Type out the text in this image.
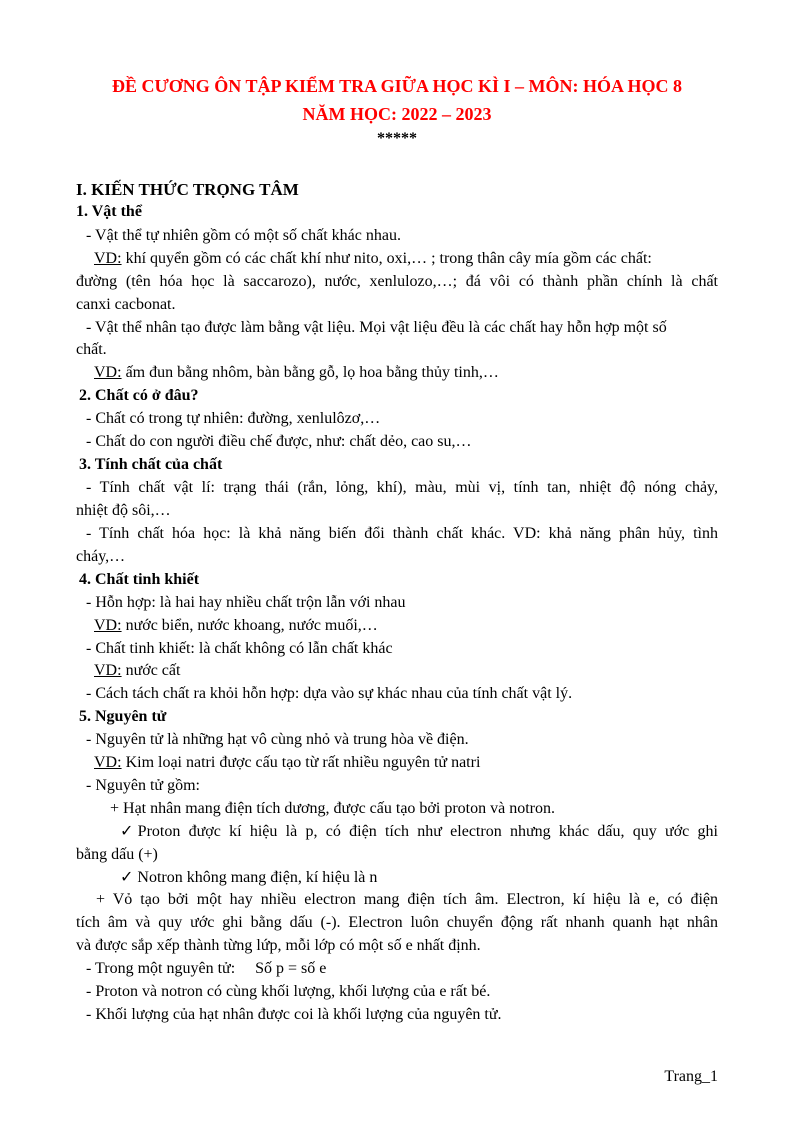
ĐỀ CƯƠNG ÔN TẬP KIỂM TRA GIỮA HỌC KÌ I – MÔN: HÓA HỌC 8
NĂM HỌC: 2022 – 2023
*****
I. KIẾN THỨC TRỌNG TÂM
1. Vật thể
- Vật thể tự nhiên gồm có một số chất khác nhau.
VD: khí quyển gồm có các chất khí như nito, oxi,… ; trong thân cây mía gồm các chất:
đường (tên hóa học là saccarozo), nước, xenlulozo,…; đá vôi có thành phần chính là chất
canxi cacbonat.
- Vật thể nhân tạo được làm bằng vật liệu. Mọi vật liệu đều là các chất hay hỗn hợp một số
chất.
VD: ấm đun bằng nhôm, bàn bằng gỗ, lọ hoa bằng thủy tinh,…
2. Chất có ở đâu?
- Chất có trong tự nhiên: đường, xenlulôzơ,…
- Chất do con người điều chế được, như: chất dẻo, cao su,…
3. Tính chất của chất
- Tính chất vật lí: trạng thái (rắn, lỏng, khí), màu, mùi vị, tính tan, nhiệt độ nóng chảy,
nhiệt độ sôi,…
- Tính chất hóa học: là khả năng biến đổi thành chất khác. VD: khả năng phân hủy, tình
cháy,…
4. Chất tinh khiết
- Hỗn hợp: là hai hay nhiều chất trộn lẫn với nhau
VD: nước biển, nước khoang, nước muối,…
- Chất tinh khiết: là chất không có lẫn chất khác
VD: nước cất
- Cách tách chất ra khỏi hỗn hợp: dựa vào sự khác nhau của tính chất vật lý.
5. Nguyên tử
- Nguyên tử là những hạt vô cùng nhỏ và trung hòa về điện.
VD: Kim loại natri được cấu tạo từ rất nhiều nguyên tử natri
- Nguyên tử gồm:
+ Hạt nhân mang điện tích dương, được cấu tạo bởi proton và notron.
✓Proton được kí hiệu là p, có điện tích như electron nhưng khác dấu, quy ước ghi
bằng dấu (+)
✓ Notron không mang điện, kí hiệu là n
+ Vỏ tạo bởi một hay nhiều electron mang điện tích âm. Electron, kí hiệu là e, có điện
tích âm và quy ước ghi bằng dấu (-). Electron luôn chuyển động rất nhanh quanh hạt nhân
và được sắp xếp thành từng lứp, mỗi lớp có một số e nhất định.
- Trong một nguyên tử:     Số p = số e
- Proton và notron có cùng khối lượng, khối lượng của e rất bé.
- Khối lượng của hạt nhân được coi là khối lượng của nguyên tử.
Trang_1
